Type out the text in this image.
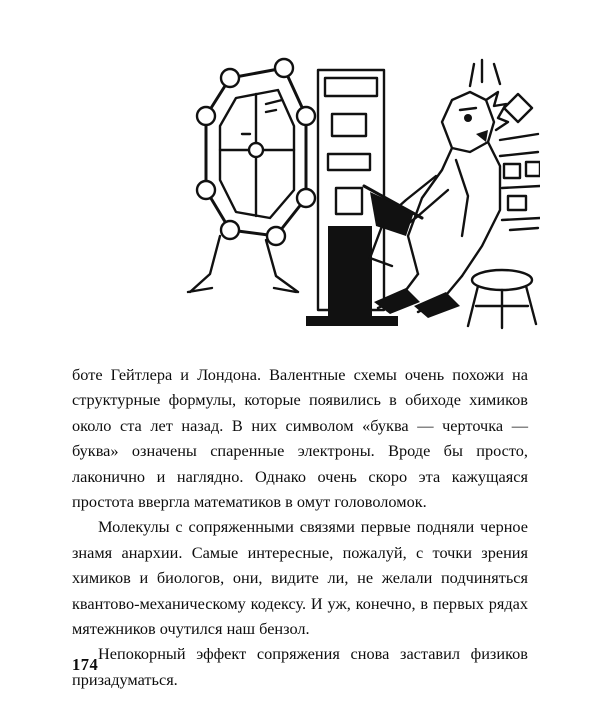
боте Гейтлера и Лондона. Валентные схемы очень похожи на структурные формулы, которые появились в обиходе химиков около ста лет назад. В них символом «буква — черточка — буква» означены спаренные электроны. Вроде бы просто, лаконично и наглядно. Однако очень скоро эта кажущаяся простота ввергла математиков в омут головоломок.

Молекулы с сопряженными связями первые подняли черное знамя анархии. Самые интересные, пожалуй, с точки зрения химиков и биологов, они, видите ли, не желали подчиняться квантово-механическому кодексу. И уж, конечно, в первых рядах мятежников очутился наш бензол.

Непокорный эффект сопряжения снова заставил физиков призадуматься.

174
